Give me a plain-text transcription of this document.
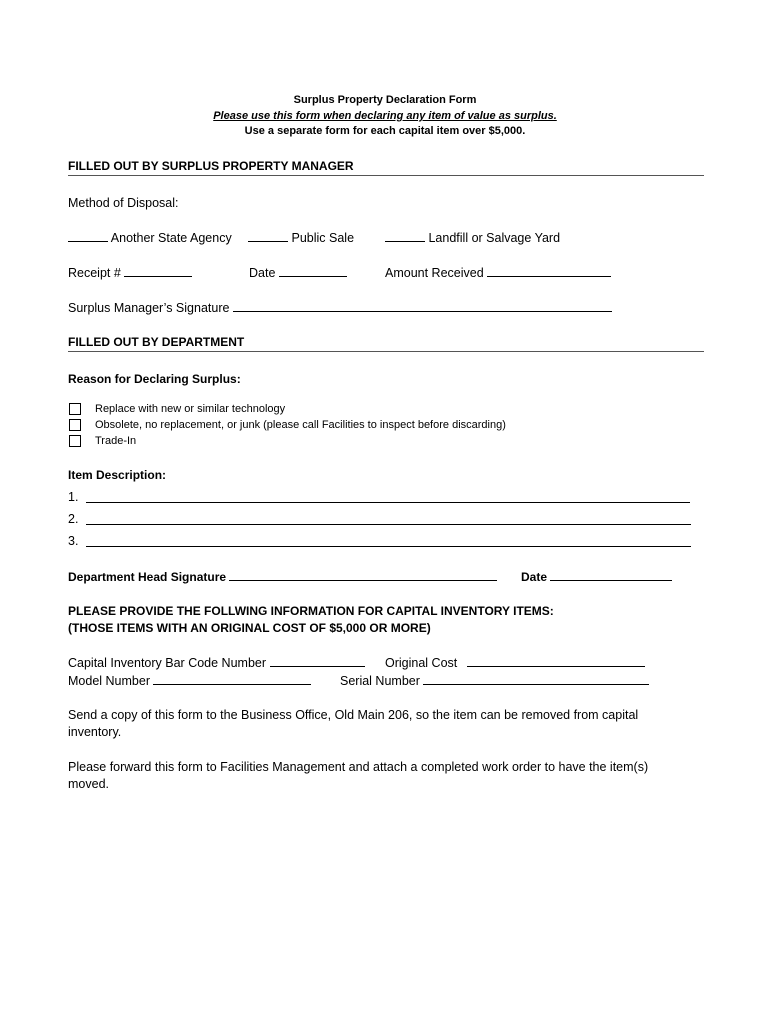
Surplus Property Declaration Form
Please use this form when declaring any item of value as surplus.
Use a separate form for each capital item over $5,000.
FILLED OUT BY SURPLUS PROPERTY MANAGER
Method of Disposal:
Another State Agency	Public Sale	Landfill or Salvage Yard
Receipt #	Date	Amount Received
Surplus Manager’s Signature
FILLED OUT BY DEPARTMENT
Reason for Declaring Surplus:
Replace with new or similar technology
Obsolete, no replacement, or junk (please call Facilities to inspect before discarding)
Trade-In
Item Description:
1.
2.
3.
Department Head Signature	Date
PLEASE PROVIDE THE FOLLWING INFORMATION FOR CAPITAL INVENTORY ITEMS:
(THOSE ITEMS WITH AN ORIGINAL COST OF $5,000 OR MORE)
Capital Inventory Bar Code Number	Original Cost
Model Number	Serial Number
Send a copy of this form to the Business Office, Old Main 206, so the item can be removed from capital
inventory.
Please forward this form to Facilities Management and attach a completed work order to have the item(s)
moved.
